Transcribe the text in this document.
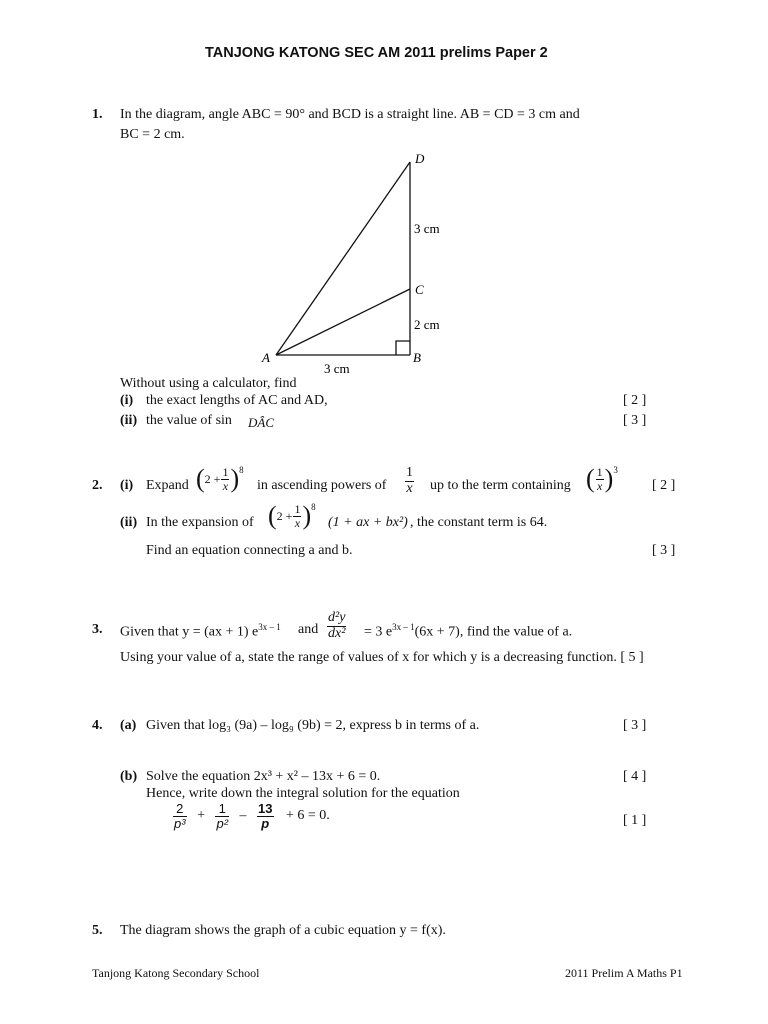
TANJONG KATONG SEC AM 2011 prelims Paper 2
1. In the diagram, angle ABC = 90° and BCD is a straight line. AB = CD = 3 cm and
BC = 2 cm.
D
3 cm
C
2 cm
A	B
3 cm
Without using a calculator, find
(i) the exact lengths of AC and AD,	[ 2 ]
(ii) the value of sin DÂC	[ 3 ]
2. (i) Expand $(2 + \frac{1}{x} )^8$
in ascending powers of $\frac{1}{x}$ up to the term containing ( $\frac{1}{x} )^3$
[ 2 ]
(ii) In the expansion of $(2 + \frac{1}{x} )^8$
(1 + ax + bx²) , the constant term is 64.
Find an equation connecting a and b.	[ 3 ]
3. Given that y = (ax + 1) $e^{3x - 1}$ and $\frac{\text{d²y}}{\text{dx²}} = 3$ $e^{3x - 1}(6x + 7)$, find the value of a.
Using your value of a, state the range of values of x for which y is a decreasing function. [ 5 ]
4. (a) Given that log₃ (9a) – log₉ (9b) = 2, express b in terms of a.	[ 3 ]
(b) Solve the equation 2x³ + x² – 13x + 6 = 0.	[ 4 ]
Hence, write down the integral solution for the equation
$\frac{2}{\text{p³}} + \frac{1}{\text{p²}} - \frac{13}{p} + 6 = 0$.	[ 1 ]
5. The diagram shows the graph of a cubic equation y = f(x).
Tanjong Katong Secondary School	2011 Prelim A Maths P1
